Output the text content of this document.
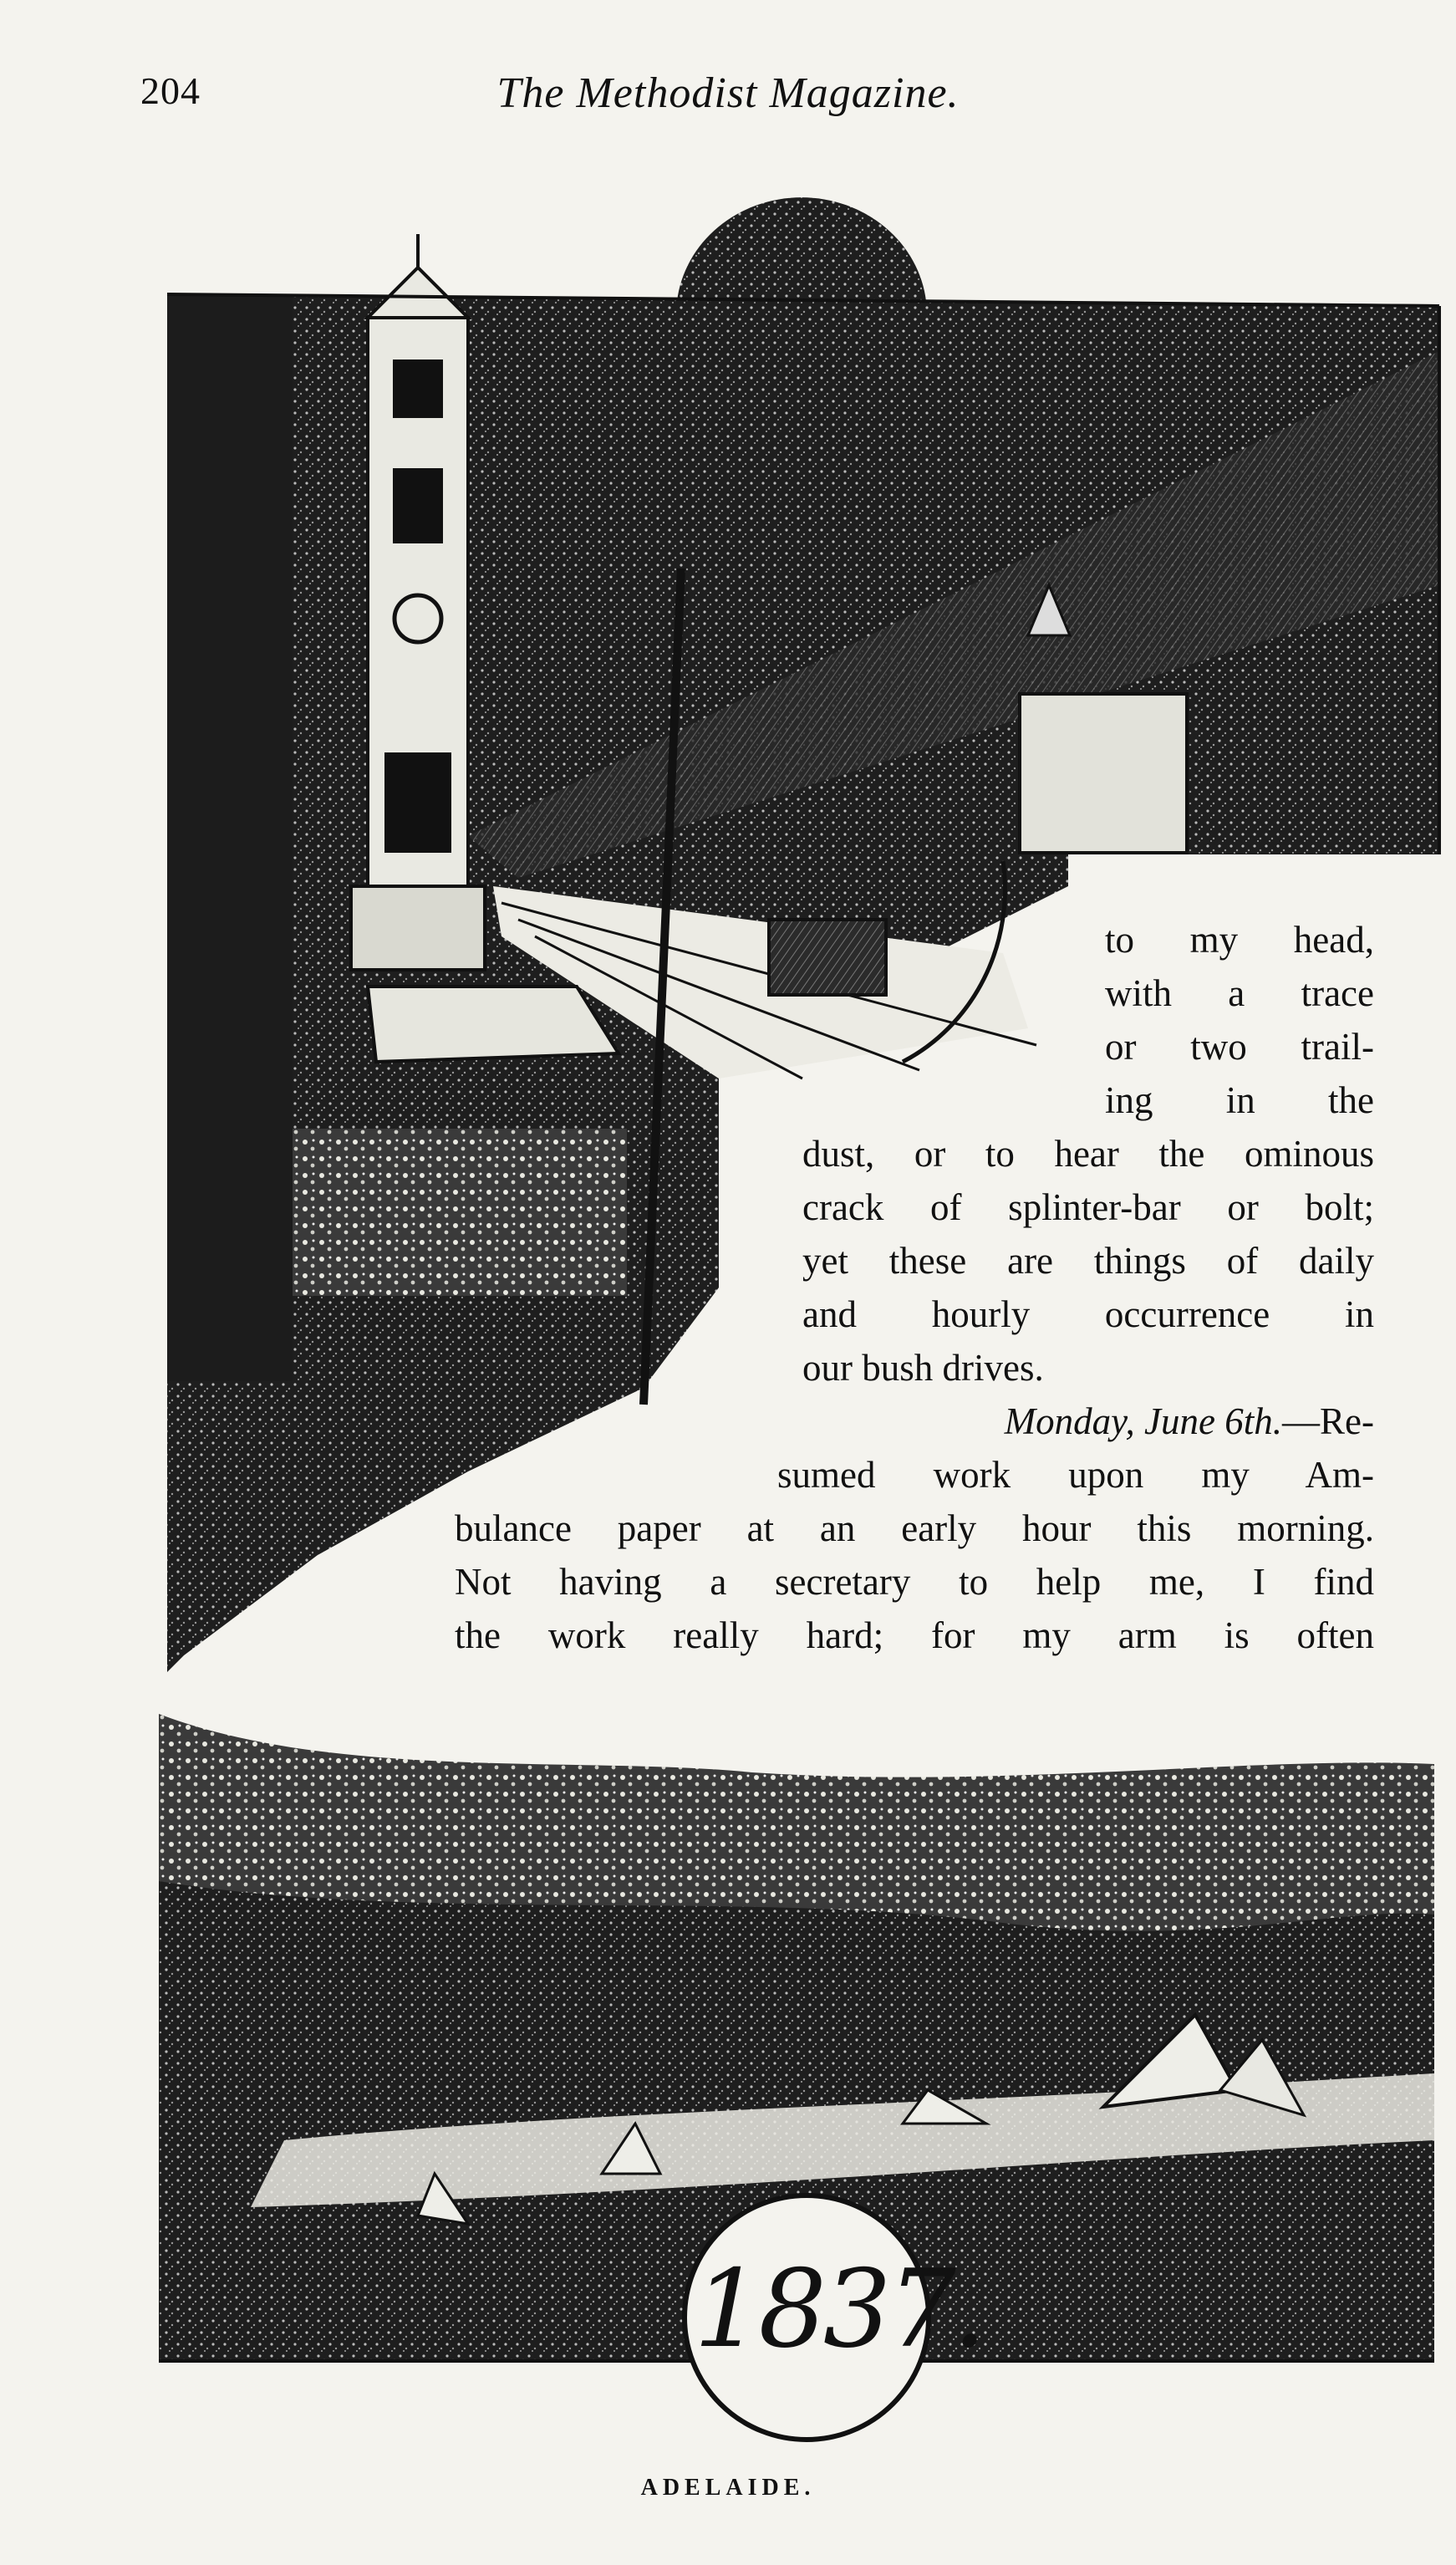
204	The Methodist Magazine.

to my head,

with a trace

or two trail-

ing in the

dust, or to hear the ominous

crack of splinter-bar or bolt;

yet these are things of daily

and hourly occurrence in

our bush drives.

Monday, June 6th.—Re-

sumed work upon my Am-

bulance paper at an early hour this morning.

Not having a secretary to help me, I find

the work really hard; for my arm is often

1837.
ADELAIDE.
